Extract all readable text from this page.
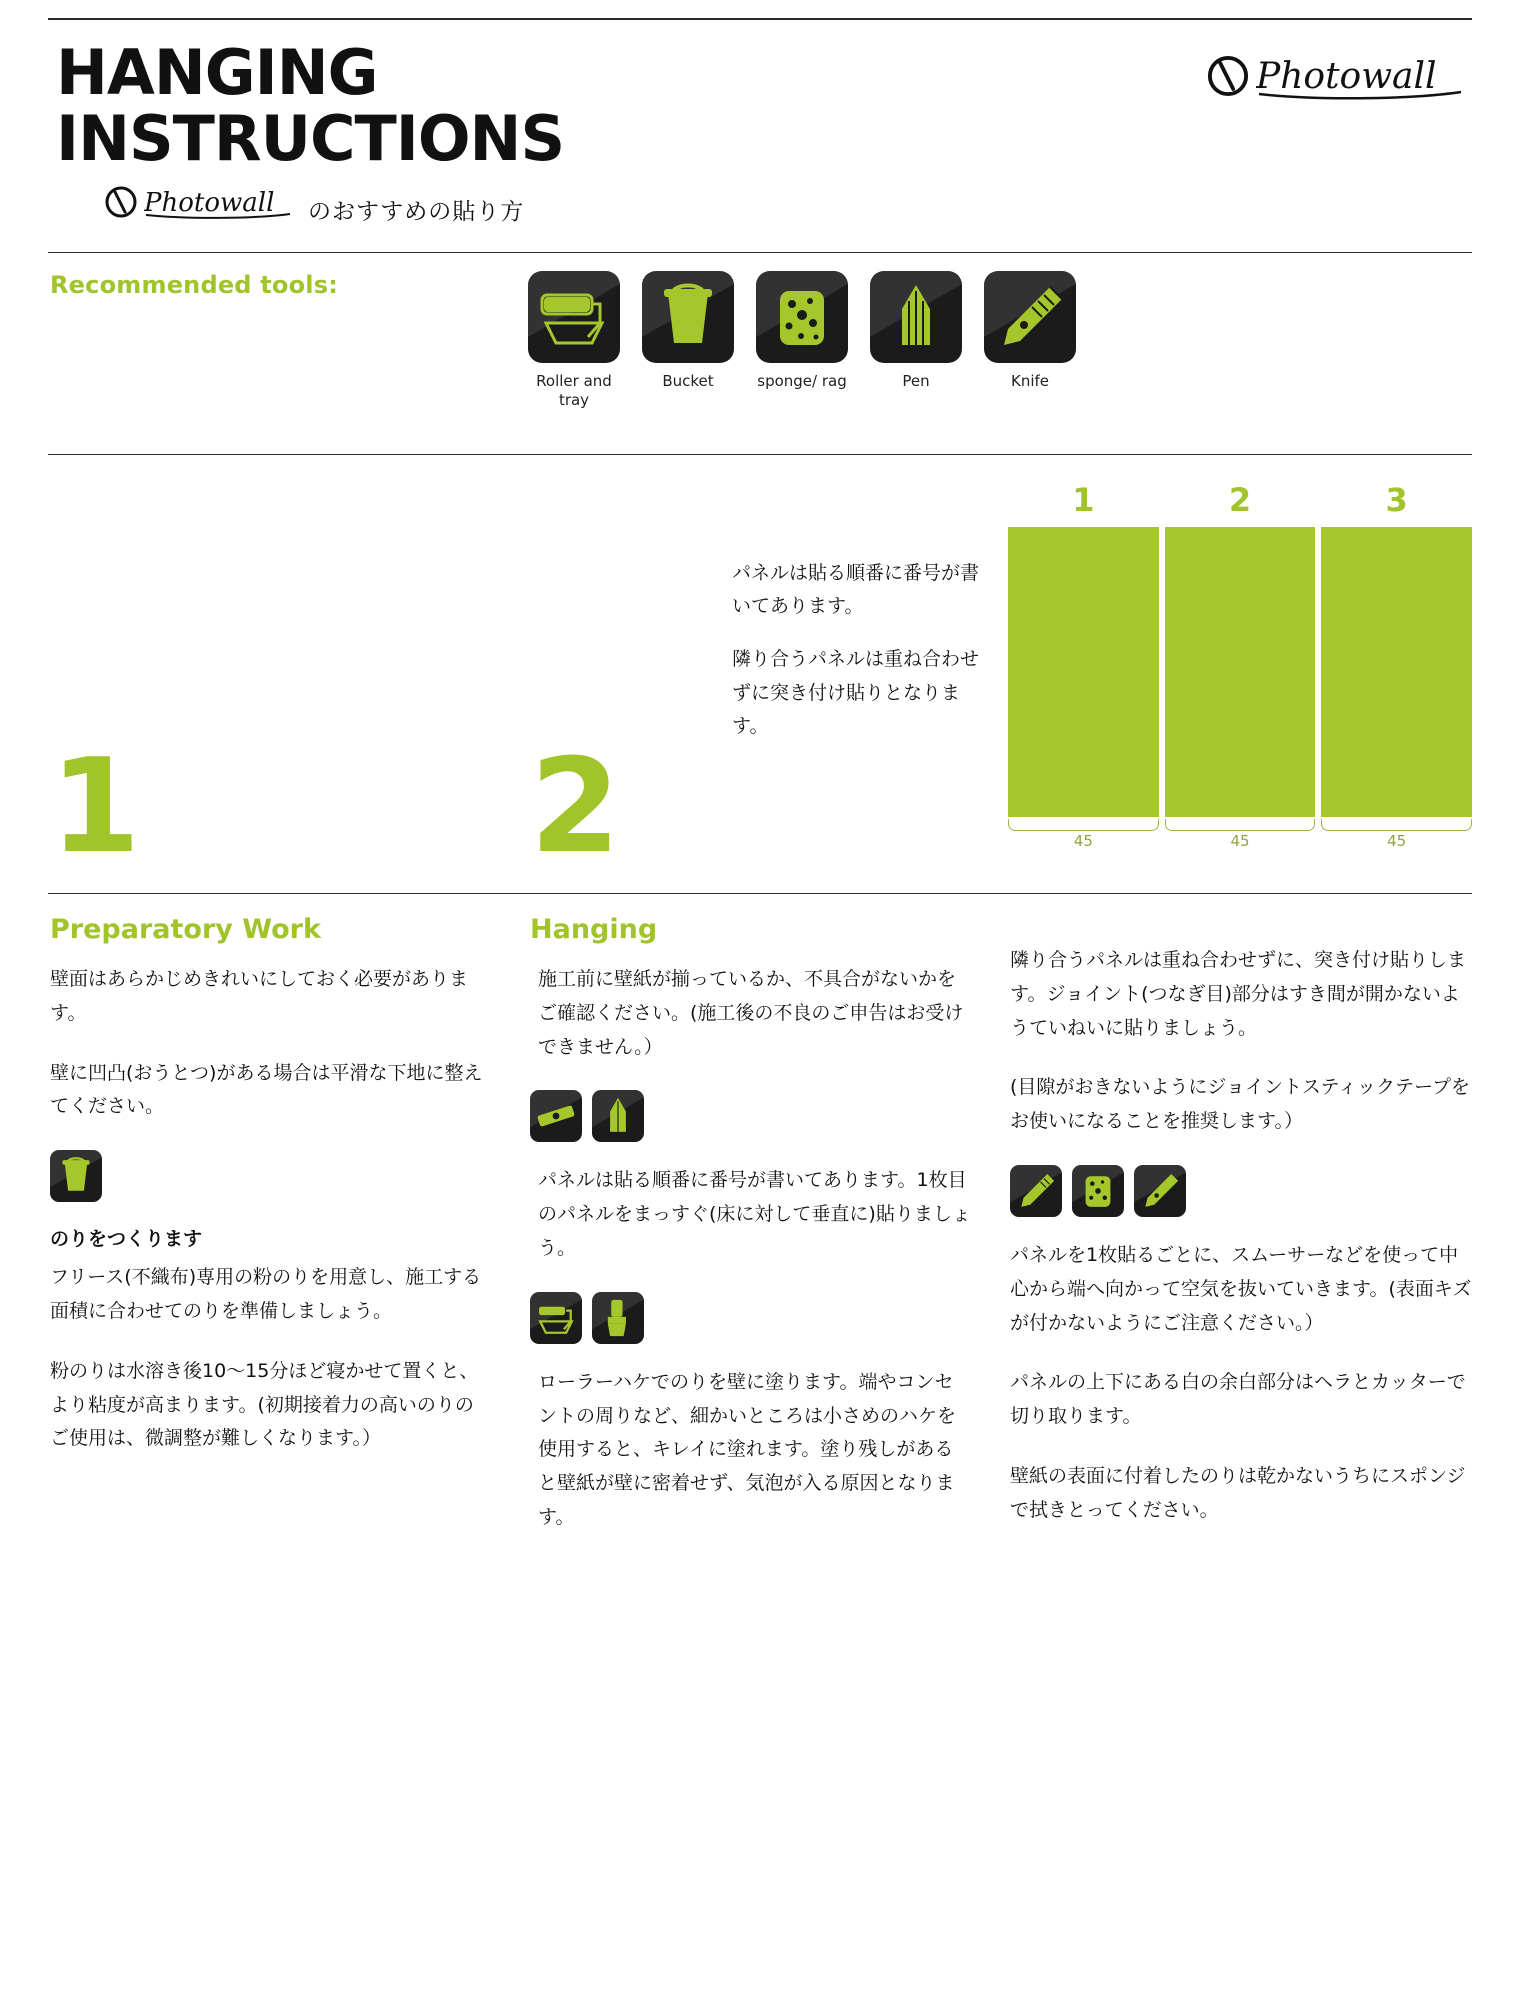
HANGING
INSTRUCTIONS
Photowall のおすすめの貼り方
Photowall
Recommended tools:
Roller and tray
Bucket	sponge/ rag	Pen	Knife
1	2

パネルは貼る順番に番号が書いてあります。

隣り合うパネルは重ね合わせずに突き付け貼りとなります。

1	2	3
45	45	45
Preparatory Work

壁面はあらかじめきれいにしておく必要があります。

壁に凹凸(おうとつ)がある場合は平滑な下地に整えてください。

のりをつくります

フリース(不織布)専用の粉のりを用意し、施工する面積に合わせてのりを準備しましょう。

粉のりは水溶き後10〜15分ほど寝かせて置くと、より粘度が高まります。(初期接着力の高いのりのご使用は、微調整が難しくなります。）

Hanging

施工前に壁紙が揃っているか、不具合がないかをご確認ください。(施工後の不良のご申告はお受けできません。）

パネルは貼る順番に番号が書いてあります。1枚目のパネルをまっすぐ(床に対して垂直に)貼りましょう。

ローラーハケでのりを壁に塗ります。端やコンセントの周りなど、細かいところは小さめのハケを使用すると、キレイに塗れます。塗り残しがあると壁紙が壁に密着せず、気泡が入る原因となります。

隣り合うパネルは重ね合わせずに、突き付け貼りします。ジョイント(つなぎ目)部分はすき間が開かないようていねいに貼りましょう。

(目隙がおきないようにジョイントスティックテープをお使いになることを推奨します。）

パネルを1枚貼るごとに、スムーサーなどを使って中心から端へ向かって空気を抜いていきます。(表面キズが付かないようにご注意ください。）

パネルの上下にある白の余白部分はヘラとカッターで切り取ります。

壁紙の表面に付着したのりは乾かないうちにスポンジで拭きとってください。
